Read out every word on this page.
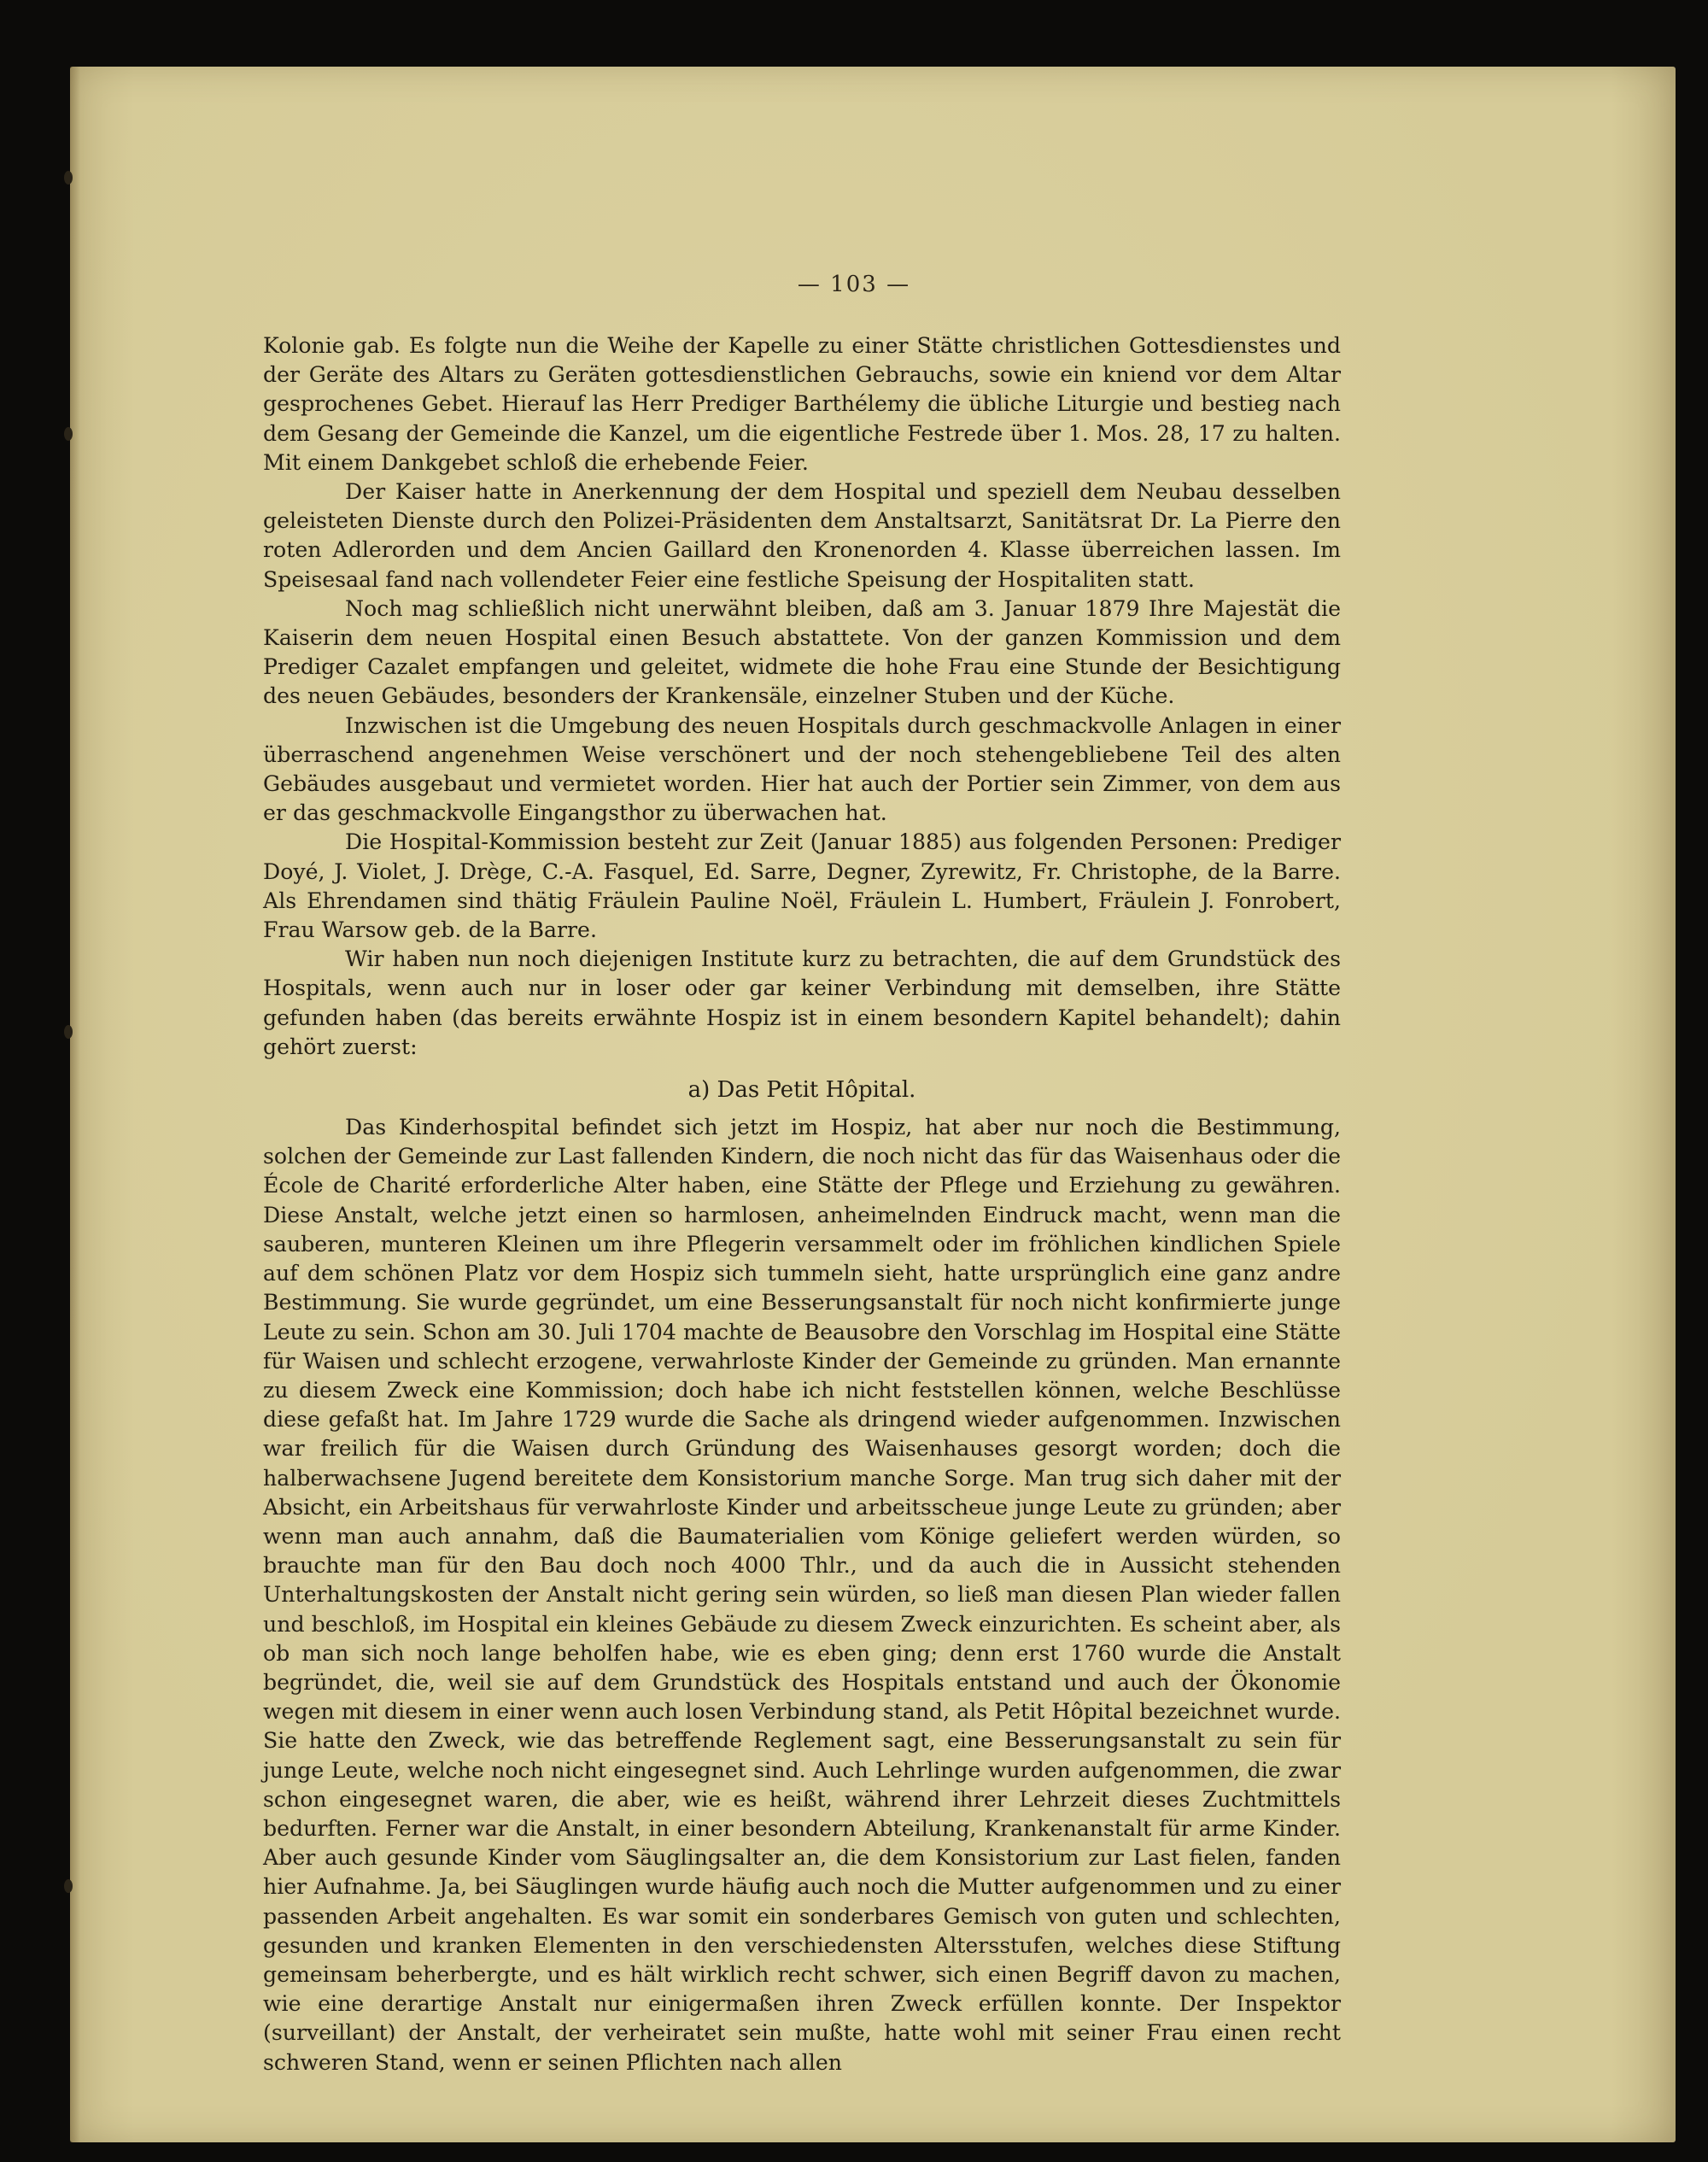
— 103 —

Kolonie gab. Es folgte nun die Weihe der Kapelle zu einer Stätte christlichen Gottesdienstes und der Geräte des Altars zu Geräten gottesdienstlichen Gebrauchs, sowie ein kniend vor dem Altar gesprochenes Gebet. Hierauf las Herr Prediger Barthélemy die übliche Liturgie und bestieg nach dem Gesang der Gemeinde die Kanzel, um die eigentliche Festrede über 1. Mos. 28, 17 zu halten. Mit einem Dankgebet schloß die erhebende Feier.

Der Kaiser hatte in Anerkennung der dem Hospital und speziell dem Neubau desselben geleisteten Dienste durch den Polizei-Präsidenten dem Anstaltsarzt, Sanitätsrat Dr. La Pierre den roten Adlerorden und dem Ancien Gaillard den Kronenorden 4. Klasse überreichen lassen. Im Speisesaal fand nach vollendeter Feier eine festliche Speisung der Hospitaliten statt.

Noch mag schließlich nicht unerwähnt bleiben, daß am 3. Januar 1879 Ihre Majestät die Kaiserin dem neuen Hospital einen Besuch abstattete. Von der ganzen Kommission und dem Prediger Cazalet empfangen und geleitet, widmete die hohe Frau eine Stunde der Besichtigung des neuen Gebäudes, besonders der Krankensäle, einzelner Stuben und der Küche.

Inzwischen ist die Umgebung des neuen Hospitals durch geschmackvolle Anlagen in einer überraschend angenehmen Weise verschönert und der noch stehengebliebene Teil des alten Gebäudes ausgebaut und vermietet worden. Hier hat auch der Portier sein Zimmer, von dem aus er das geschmackvolle Eingangsthor zu überwachen hat.

Die Hospital-Kommission besteht zur Zeit (Januar 1885) aus folgenden Personen: Prediger Doyé, J. Violet, J. Drège, C.-A. Fasquel, Ed. Sarre, Degner, Zyrewitz, Fr. Christophe, de la Barre. Als Ehrendamen sind thätig Fräulein Pauline Noël, Fräulein L. Humbert, Fräulein J. Fonrobert, Frau Warsow geb. de la Barre.

Wir haben nun noch diejenigen Institute kurz zu betrachten, die auf dem Grundstück des Hospitals, wenn auch nur in loser oder gar keiner Verbindung mit demselben, ihre Stätte gefunden haben (das bereits erwähnte Hospiz ist in einem besondern Kapitel behandelt); dahin gehört zuerst:

a) Das Petit Hôpital.

Das Kinderhospital befindet sich jetzt im Hospiz, hat aber nur noch die Bestimmung, solchen der Gemeinde zur Last fallenden Kindern, die noch nicht das für das Waisenhaus oder die École de Charité erforderliche Alter haben, eine Stätte der Pflege und Erziehung zu gewähren. Diese Anstalt, welche jetzt einen so harmlosen, anheimelnden Eindruck macht, wenn man die sauberen, munteren Kleinen um ihre Pflegerin versammelt oder im fröhlichen kindlichen Spiele auf dem schönen Platz vor dem Hospiz sich tummeln sieht, hatte ursprünglich eine ganz andre Bestimmung. Sie wurde gegründet, um eine Besserungsanstalt für noch nicht konfirmierte junge Leute zu sein. Schon am 30. Juli 1704 machte de Beausobre den Vorschlag im Hospital eine Stätte für Waisen und schlecht erzogene, verwahrloste Kinder der Gemeinde zu gründen. Man ernannte zu diesem Zweck eine Kommission; doch habe ich nicht feststellen können, welche Beschlüsse diese gefaßt hat. Im Jahre 1729 wurde die Sache als dringend wieder aufgenommen. Inzwischen war freilich für die Waisen durch Gründung des Waisenhauses gesorgt worden; doch die halberwachsene Jugend bereitete dem Konsistorium manche Sorge. Man trug sich daher mit der Absicht, ein Arbeitshaus für verwahrloste Kinder und arbeitsscheue junge Leute zu gründen; aber wenn man auch annahm, daß die Baumaterialien vom Könige geliefert werden würden, so brauchte man für den Bau doch noch 4000 Thlr., und da auch die in Aussicht stehenden Unterhaltungskosten der Anstalt nicht gering sein würden, so ließ man diesen Plan wieder fallen und beschloß, im Hospital ein kleines Gebäude zu diesem Zweck einzurichten. Es scheint aber, als ob man sich noch lange beholfen habe, wie es eben ging; denn erst 1760 wurde die Anstalt begründet, die, weil sie auf dem Grundstück des Hospitals entstand und auch der Ökonomie wegen mit diesem in einer wenn auch losen Verbindung stand, als Petit Hôpital bezeichnet wurde. Sie hatte den Zweck, wie das betreffende Reglement sagt, eine Besserungsanstalt zu sein für junge Leute, welche noch nicht eingesegnet sind. Auch Lehrlinge wurden aufgenommen, die zwar schon eingesegnet waren, die aber, wie es heißt, während ihrer Lehrzeit dieses Zuchtmittels bedurften. Ferner war die Anstalt, in einer besondern Abteilung, Krankenanstalt für arme Kinder. Aber auch gesunde Kinder vom Säuglingsalter an, die dem Konsistorium zur Last fielen, fanden hier Aufnahme. Ja, bei Säuglingen wurde häufig auch noch die Mutter aufgenommen und zu einer passenden Arbeit angehalten. Es war somit ein sonderbares Gemisch von guten und schlechten, gesunden und kranken Elementen in den verschiedensten Altersstufen, welches diese Stiftung gemeinsam beherbergte, und es hält wirklich recht schwer, sich einen Begriff davon zu machen, wie eine derartige Anstalt nur einigermaßen ihren Zweck erfüllen konnte. Der Inspektor (surveillant) der Anstalt, der verheiratet sein mußte, hatte wohl mit seiner Frau einen recht schweren Stand, wenn er seinen Pflichten nach allen
